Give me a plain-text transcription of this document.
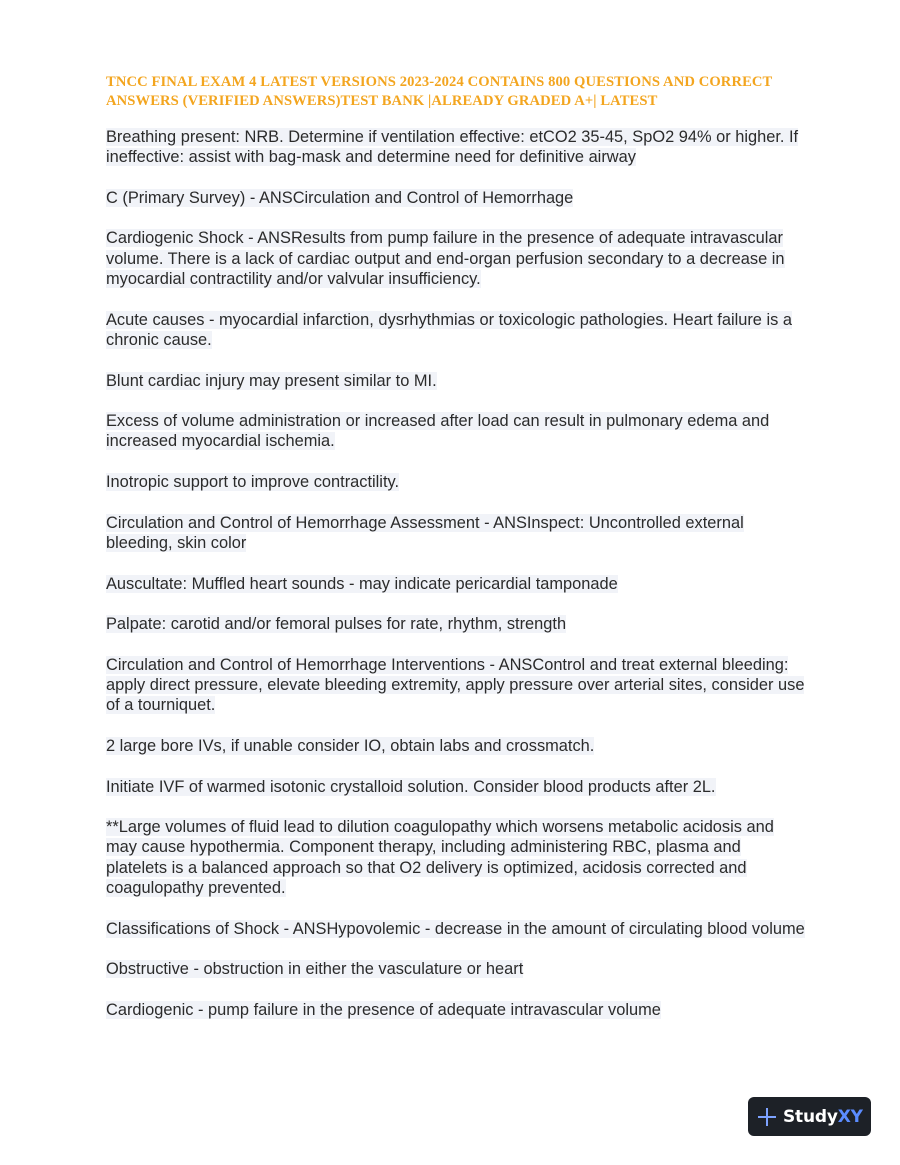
TNCC FINAL EXAM 4 LATEST VERSIONS 2023-2024 CONTAINS 800 QUESTIONS AND CORRECT ANSWERS (VERIFIED ANSWERS)TEST BANK |ALREADY GRADED A+| LATEST

Breathing present: NRB. Determine if ventilation effective: etCO2 35-45, SpO2 94% or higher. If ineffective: assist with bag-mask and determine need for definitive airway

C (Primary Survey) - ANSCirculation and Control of Hemorrhage

Cardiogenic Shock - ANSResults from pump failure in the presence of adequate intravascular volume. There is a lack of cardiac output and end-organ perfusion secondary to a decrease in myocardial contractility and/or valvular insufficiency.

Acute causes - myocardial infarction, dysrhythmias or toxicologic pathologies. Heart failure is a chronic cause.

Blunt cardiac injury may present similar to MI.

Excess of volume administration or increased after load can result in pulmonary edema and increased myocardial ischemia.

Inotropic support to improve contractility.

Circulation and Control of Hemorrhage Assessment - ANSInspect: Uncontrolled external bleeding, skin color

Auscultate: Muffled heart sounds - may indicate pericardial tamponade

Palpate: carotid and/or femoral pulses for rate, rhythm, strength

Circulation and Control of Hemorrhage Interventions - ANSControl and treat external bleeding: apply direct pressure, elevate bleeding extremity, apply pressure over arterial sites, consider use of a tourniquet.

2 large bore IVs, if unable consider IO, obtain labs and crossmatch.

Initiate IVF of warmed isotonic crystalloid solution. Consider blood products after 2L.

**Large volumes of fluid lead to dilution coagulopathy which worsens metabolic acidosis and may cause hypothermia. Component therapy, including administering RBC, plasma and platelets is a balanced approach so that O2 delivery is optimized, acidosis corrected and coagulopathy prevented.

Classifications of Shock - ANSHypovolemic - decrease in the amount of circulating blood volume

Obstructive - obstruction in either the vasculature or heart

Cardiogenic - pump failure in the presence of adequate intravascular volume

StudyXY
